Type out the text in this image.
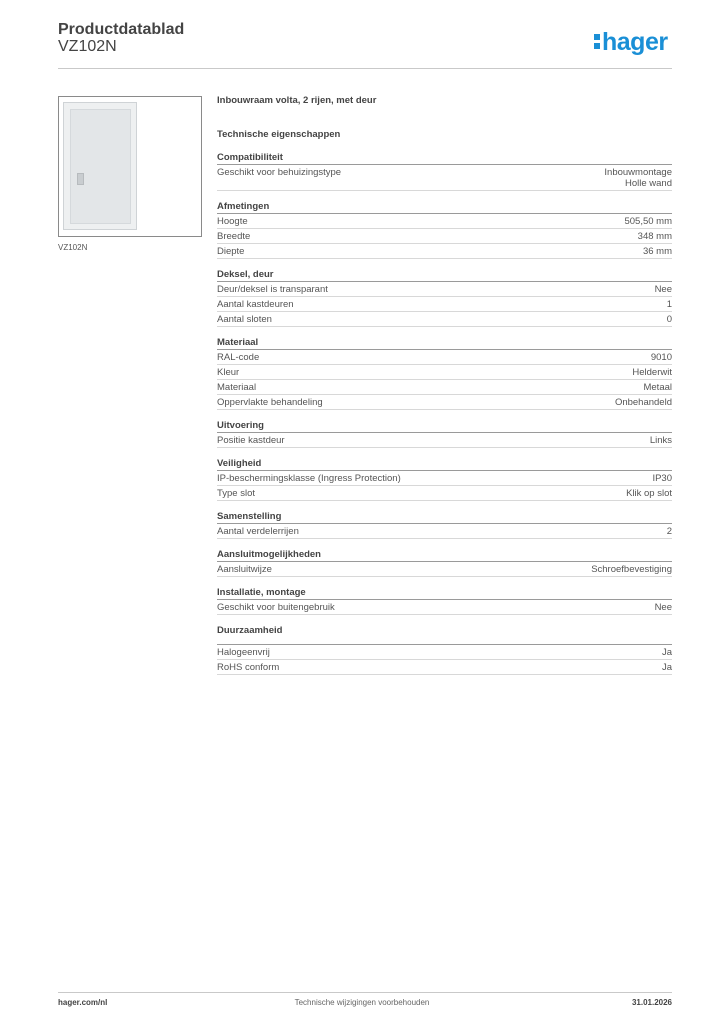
Productdatablad
VZ102N	hager
VZ102N
Inbouwraam volta, 2 rijen, met deur
Technische eigenschappen
Compatibiliteit
Geschikt voor behuizingstype	Inbouwmontage
Holle wand
Afmetingen
Hoogte	505,50 mm
Breedte	348 mm
Diepte	36 mm
Deksel, deur
Deur/deksel is transparant	Nee
Aantal kastdeuren	1
Aantal sloten	0
Materiaal
RAL-code	9010
Kleur	Helderwit
Materiaal	Metaal
Oppervlakte behandeling	Onbehandeld
Uitvoering
Positie kastdeur	Links
Veiligheid
IP-beschermingsklasse (Ingress Protection)	IP30
Type slot	Klik op slot
Samenstelling
Aantal verdelerrijen	2
Aansluitmogelijkheden
Aansluitwijze	Schroefbevestiging
Installatie, montage
Geschikt voor buitengebruik	Nee
Duurzaamheid
Halogeenvrij	Ja
RoHS conform	Ja
hager.com/nl	Technische wijzigingen voorbehouden	31.01.2026
